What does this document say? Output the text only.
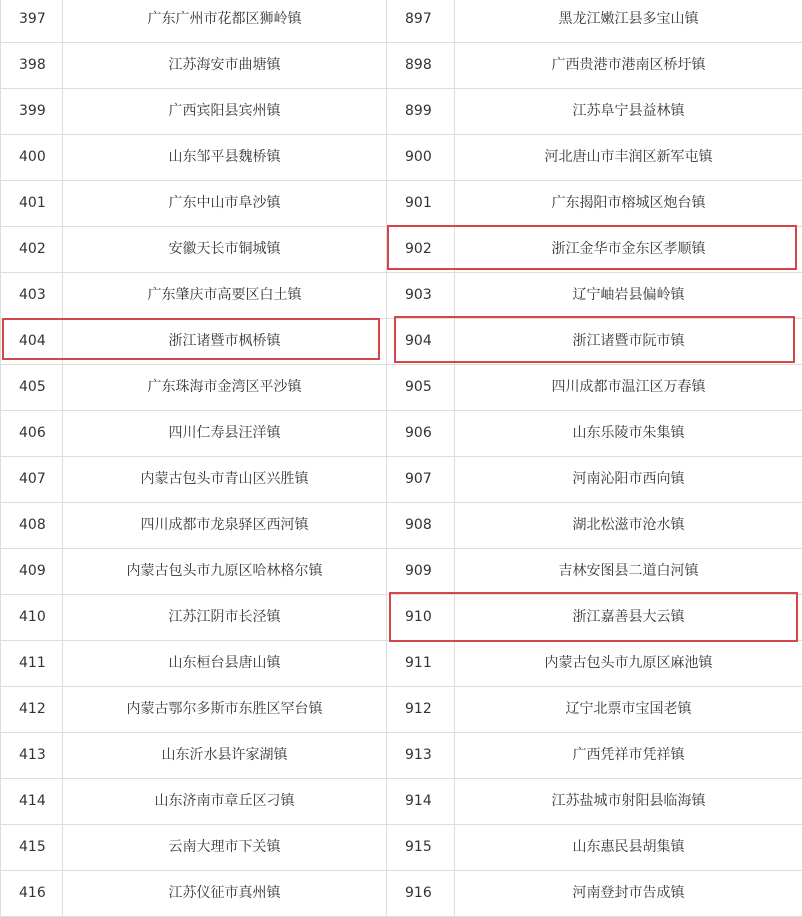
397	广东广州市花都区狮岭镇	897	黑龙江嫩江县多宝山镇
398	江苏海安市曲塘镇	898	广西贵港市港南区桥圩镇
399	广西宾阳县宾州镇	899	江苏阜宁县益林镇
400	山东邹平县魏桥镇	900	河北唐山市丰润区新军屯镇
401	广东中山市阜沙镇	901	广东揭阳市榕城区炮台镇
402	安徽天长市铜城镇	902	浙江金华市金东区孝顺镇
403	广东肇庆市高要区白土镇	903	辽宁岫岩县偏岭镇
404	浙江诸暨市枫桥镇	904	浙江诸暨市阮市镇
405	广东珠海市金湾区平沙镇	905	四川成都市温江区万春镇
406	四川仁寿县汪洋镇	906	山东乐陵市朱集镇
407	内蒙古包头市青山区兴胜镇	907	河南沁阳市西向镇
408	四川成都市龙泉驿区西河镇	908	湖北松滋市沧水镇
409	内蒙古包头市九原区哈林格尔镇	909	吉林安图县二道白河镇
410	江苏江阴市长泾镇	910	浙江嘉善县大云镇
411	山东桓台县唐山镇	911	内蒙古包头市九原区麻池镇
412	内蒙古鄂尔多斯市东胜区罕台镇	912	辽宁北票市宝国老镇
413	山东沂水县许家湖镇	913	广西凭祥市凭祥镇
414	山东济南市章丘区刁镇	914	江苏盐城市射阳县临海镇
415	云南大理市下关镇	915	山东惠民县胡集镇
416	江苏仪征市真州镇	916	河南登封市告成镇
